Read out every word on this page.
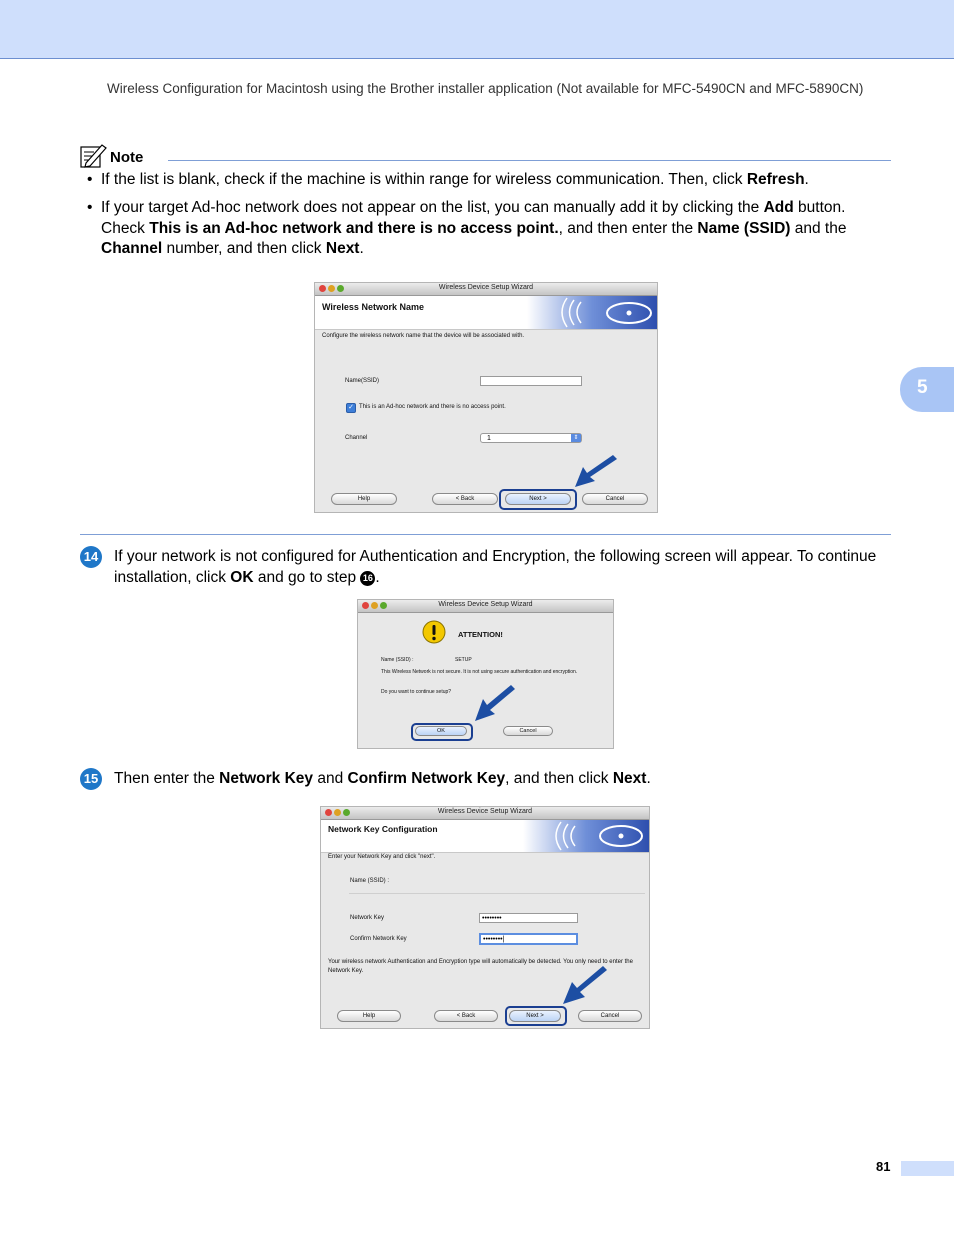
Wireless Configuration for Macintosh using the Brother installer application (Not available for MFC-5490CN and MFC-5890CN)
5
Note
• If the list is blank, check if the machine is within range for wireless communication. Then, click Refresh.
• If your target Ad-hoc network does not appear on the list, you can manually add it by clicking the Add button. Check This is an Ad-hoc network and there is no access point., and then enter the Name (SSID) and the Channel number, and then click Next.
Wireless Device Setup Wizard
Wireless Network Name
Configure the wireless network name that the device will be associated with.
Name(SSID)
✓ This is an Ad-hoc network and there is no access point.
Channel	1	⇕
Help	< Back	Next >	Cancel
14 If your network is not configured for Authentication and Encryption, the following screen will appear. To continue installation, click OK and go to step 16 .
Wireless Device Setup Wizard
ATTENTION!
Name (SSID) :	SETUP
This Wireless Network is not secure. It is not using secure authentication and encryption.
Do you want to continue setup?
OK	Cancel
15 Then enter the Network Key and Confirm Network Key, and then click Next.
Wireless Device Setup Wizard
Network Key Configuration
Enter your Network Key and click "next".
Name (SSID) :
Network Key	••••••••
Confirm Network Key	••••••••|
Your wireless network Authentication and Encryption type will automatically be detected. You only need to enter the Network Key.
Help	< Back	Next >	Cancel
81
